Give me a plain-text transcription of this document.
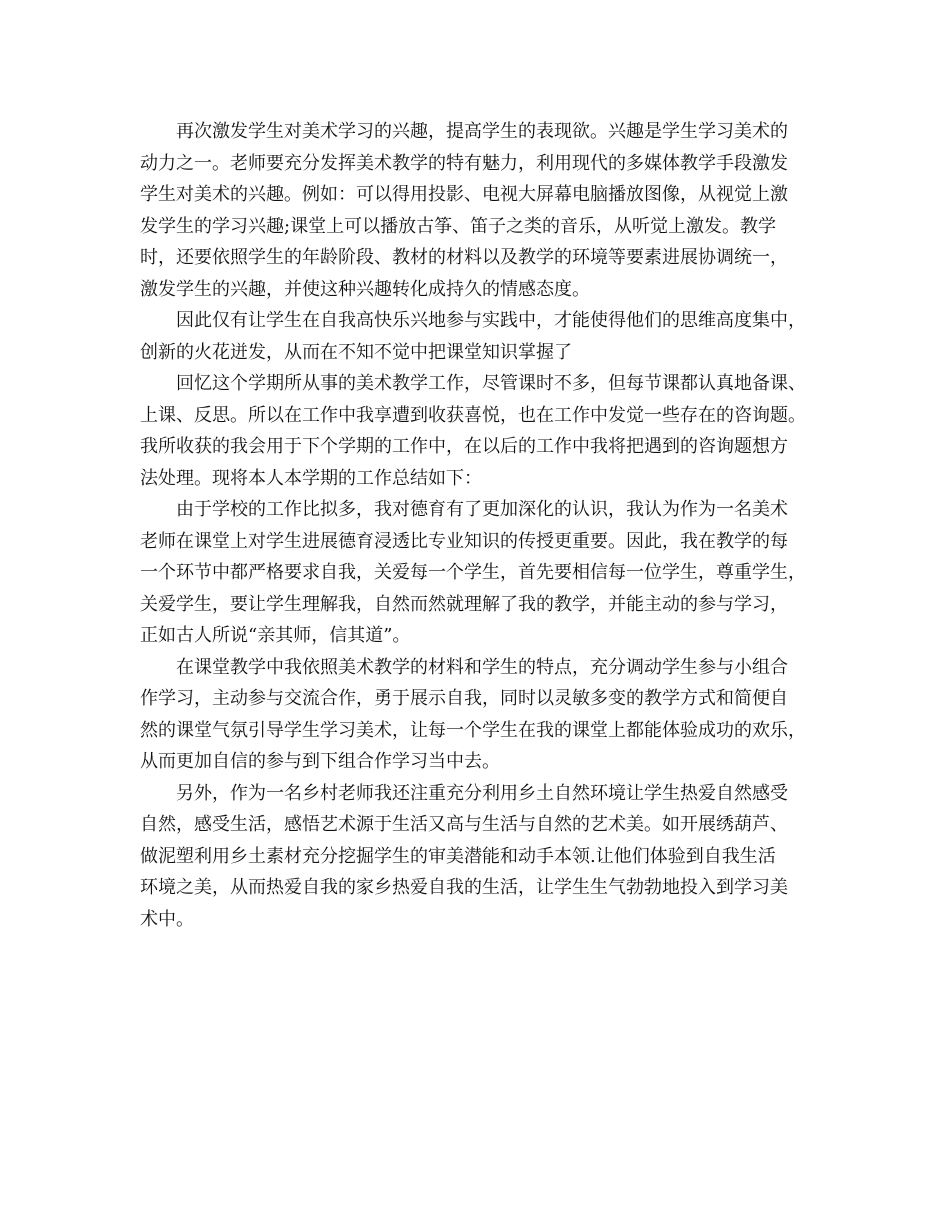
再次激发学生对美术学习的兴趣，提高学生的表现欲。兴趣是学生学习美术的
动力之一。老师要充分发挥美术教学的特有魅力，利用现代的多媒体教学手段激发
学生对美术的兴趣。例如：可以得用投影、电视大屏幕电脑播放图像，从视觉上激
发学生的学习兴趣;课堂上可以播放古筝、笛子之类的音乐，从听觉上激发。教学
时，还要依照学生的年龄阶段、教材的材料以及教学的环境等要素进展协调统一，
激发学生的兴趣，并使这种兴趣转化成持久的情感态度。
因此仅有让学生在自我高快乐兴地参与实践中，才能使得他们的思维高度集中，
创新的火花迸发，从而在不知不觉中把课堂知识掌握了
回忆这个学期所从事的美术教学工作，尽管课时不多，但每节课都认真地备课、
上课、反思。所以在工作中我享遭到收获喜悦，也在工作中发觉一些存在的咨询题。
我所收获的我会用于下个学期的工作中，在以后的工作中我将把遇到的咨询题想方
法处理。现将本人本学期的工作总结如下：
由于学校的工作比拟多，我对德育有了更加深化的认识，我认为作为一名美术
老师在课堂上对学生进展德育浸透比专业知识的传授更重要。因此，我在教学的每
一个环节中都严格要求自我，关爱每一个学生，首先要相信每一位学生，尊重学生，
关爱学生，要让学生理解我，自然而然就理解了我的教学，并能主动的参与学习，
正如古人所说“亲其师，信其道”。
在课堂教学中我依照美术教学的材料和学生的特点，充分调动学生参与小组合
作学习，主动参与交流合作，勇于展示自我，同时以灵敏多变的教学方式和简便自
然的课堂气氛引导学生学习美术，让每一个学生在我的课堂上都能体验成功的欢乐，
从而更加自信的参与到下组合作学习当中去。
另外，作为一名乡村老师我还注重充分利用乡土自然环境让学生热爱自然感受
自然，感受生活，感悟艺术源于生活又高与生活与自然的艺术美。如开展绣葫芦、
做泥塑利用乡土素材充分挖掘学生的审美潜能和动手本领.让他们体验到自我生活
环境之美，从而热爱自我的家乡热爱自我的生活，让学生生气勃勃地投入到学习美
术中。
